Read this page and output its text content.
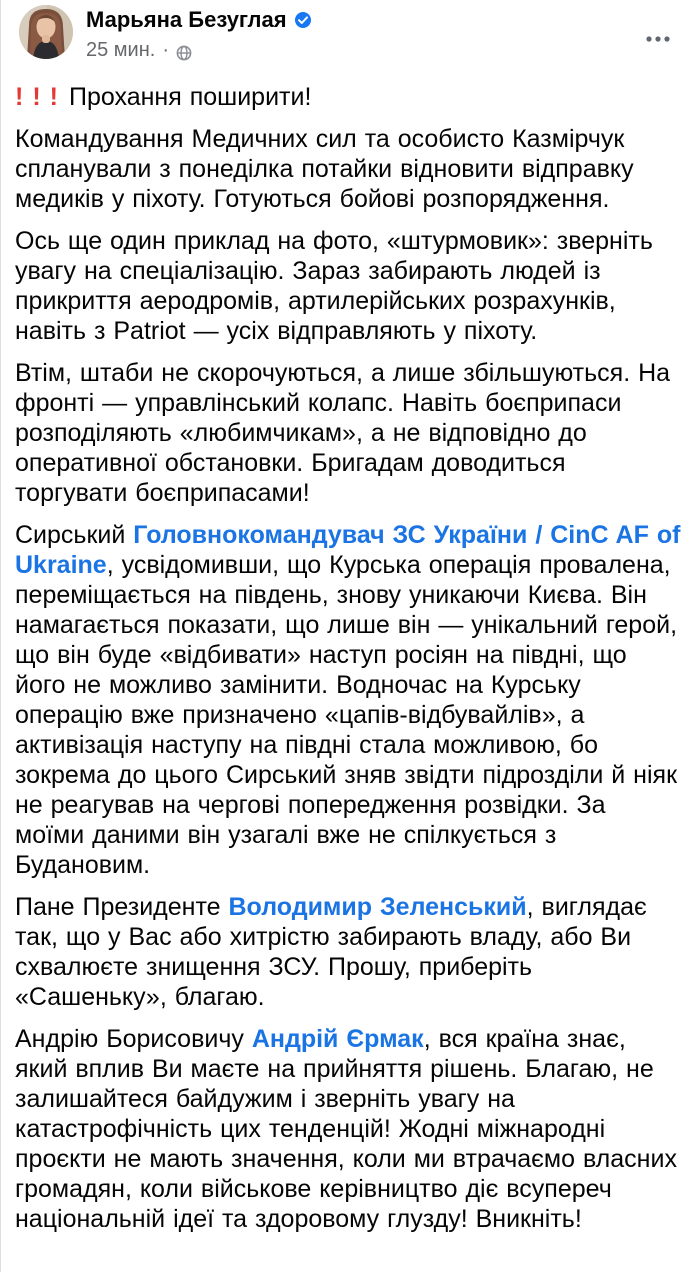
Марьяна Безуглая
25 мин. ·

!!!Прохання поширити!

Командування Медичних сил та особисто Казмірчук спланували з понеділка потайки відновити відправку медиків у піхоту. Готуються бойові розпорядження.

Ось ще один приклад на фото, «штурмовик»: зверніть увагу на спеціалізацію. Зараз забирають людей із прикриття аеродромів, артилерійських розрахунків, навіть з Patriot — усіх відправляють у піхоту.

Втім, штаби не скорочуються, а лише збільшуються. На фронті — управлінський колапс. Навіть боєприпаси розподіляють «любимчикам», а не відповідно до оперативної обстановки. Бригадам доводиться торгувати боєприпасами!

Сирський Головнокомандувач ЗС України / CinC AF of Ukraine, усвідомивши, що Курська операція провалена, переміщається на південь, знову уникаючи Києва. Він намагається показати, що лише він — унікальний герой, що він буде «відбивати» наступ росіян на півдні, що його не можливо замінити. Водночас на Курську операцію вже призначено «цапів-відбувайлів», а активізація наступу на півдні стала можливою, бо зокрема до цього Сирський зняв звідти підрозділи й ніяк не реагував на чергові попередження розвідки. За моїми даними він узагалі вже не спілкується з Будановим.

Пане Президенте Володимир Зеленський, виглядає так, що у Вас або хитрістю забирають владу, або Ви схвалюєте знищення ЗСУ. Прошу, приберіть «Сашеньку», благаю.

Андрію Борисовичу Андрій Єрмак, вся країна знає, який вплив Ви маєте на прийняття рішень. Благаю, не залишайтеся байдужим і зверніть увагу на катастрофічність цих тенденцій! Жодні міжнародні проєкти не мають значення, коли ми втрачаємо власних громадян, коли військове керівництво діє всупереч національній ідеї та здоровому глузду! Вникніть!
